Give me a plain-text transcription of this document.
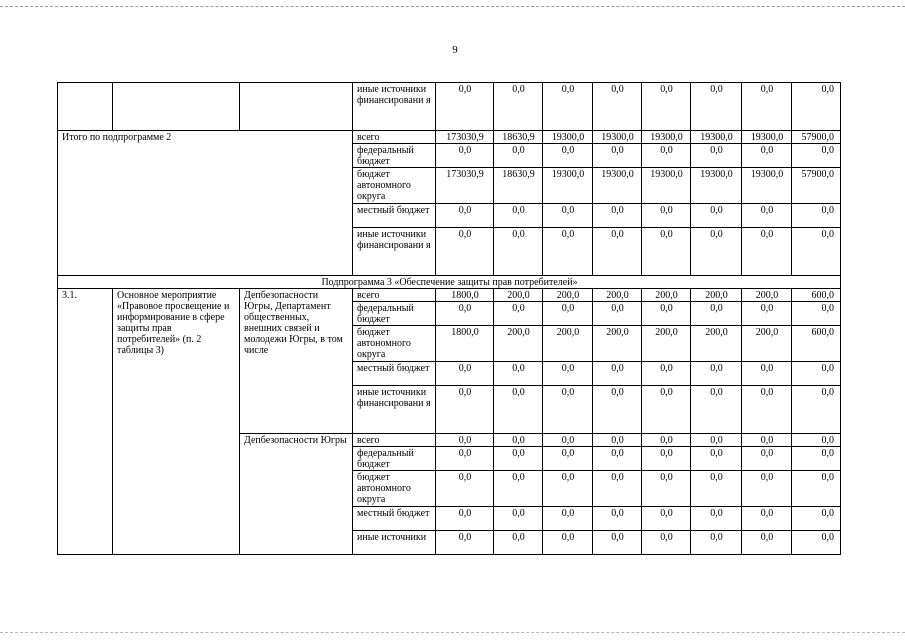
9
			иные источники финансировани я	0,0	0,0	0,0	0,0	0,0	0,0	0,0	0,0
Итого по подпрограмме 2			всего	173030,9	18630,9	19300,0	19300,0	19300,0	19300,0	19300,0	57900,0
			федеральный бюджет	0,0	0,0	0,0	0,0	0,0	0,0	0,0	0,0
			бюджет автономного округа	173030,9	18630,9	19300,0	19300,0	19300,0	19300,0	19300,0	57900,0
			местный бюджет	0,0	0,0	0,0	0,0	0,0	0,0	0,0	0,0
			иные источники финансировани я	0,0	0,0	0,0	0,0	0,0	0,0	0,0	0,0
Подпрограмма 3 «Обеспечение защиты прав потребителей»											
3.1.	Основное мероприятие «Правовое просвещение и информирование в сфере защиты прав потребителей» (п. 2 таблицы 3)	Депбезопасности Югры, Департамент общественных, внешних связей и молодежи Югры, в том числе	всего	1800,0	200,0	200,0	200,0	200,0	200,0	200,0	600,0
			федеральный бюджет	0,0	0,0	0,0	0,0	0,0	0,0	0,0	0,0
			бюджет автономного округа	1800,0	200,0	200,0	200,0	200,0	200,0	200,0	600,0
			местный бюджет	0,0	0,0	0,0	0,0	0,0	0,0	0,0	0,0
			иные источники финансировани я	0,0	0,0	0,0	0,0	0,0	0,0	0,0	0,0
		Депбезопасности Югры	всего	0,0	0,0	0,0	0,0	0,0	0,0	0,0	0,0
			федеральный бюджет	0,0	0,0	0,0	0,0	0,0	0,0	0,0	0,0
			бюджет автономного округа	0,0	0,0	0,0	0,0	0,0	0,0	0,0	0,0
			местный бюджет	0,0	0,0	0,0	0,0	0,0	0,0	0,0	0,0
			иные источники	0,0	0,0	0,0	0,0	0,0	0,0	0,0	0,0
